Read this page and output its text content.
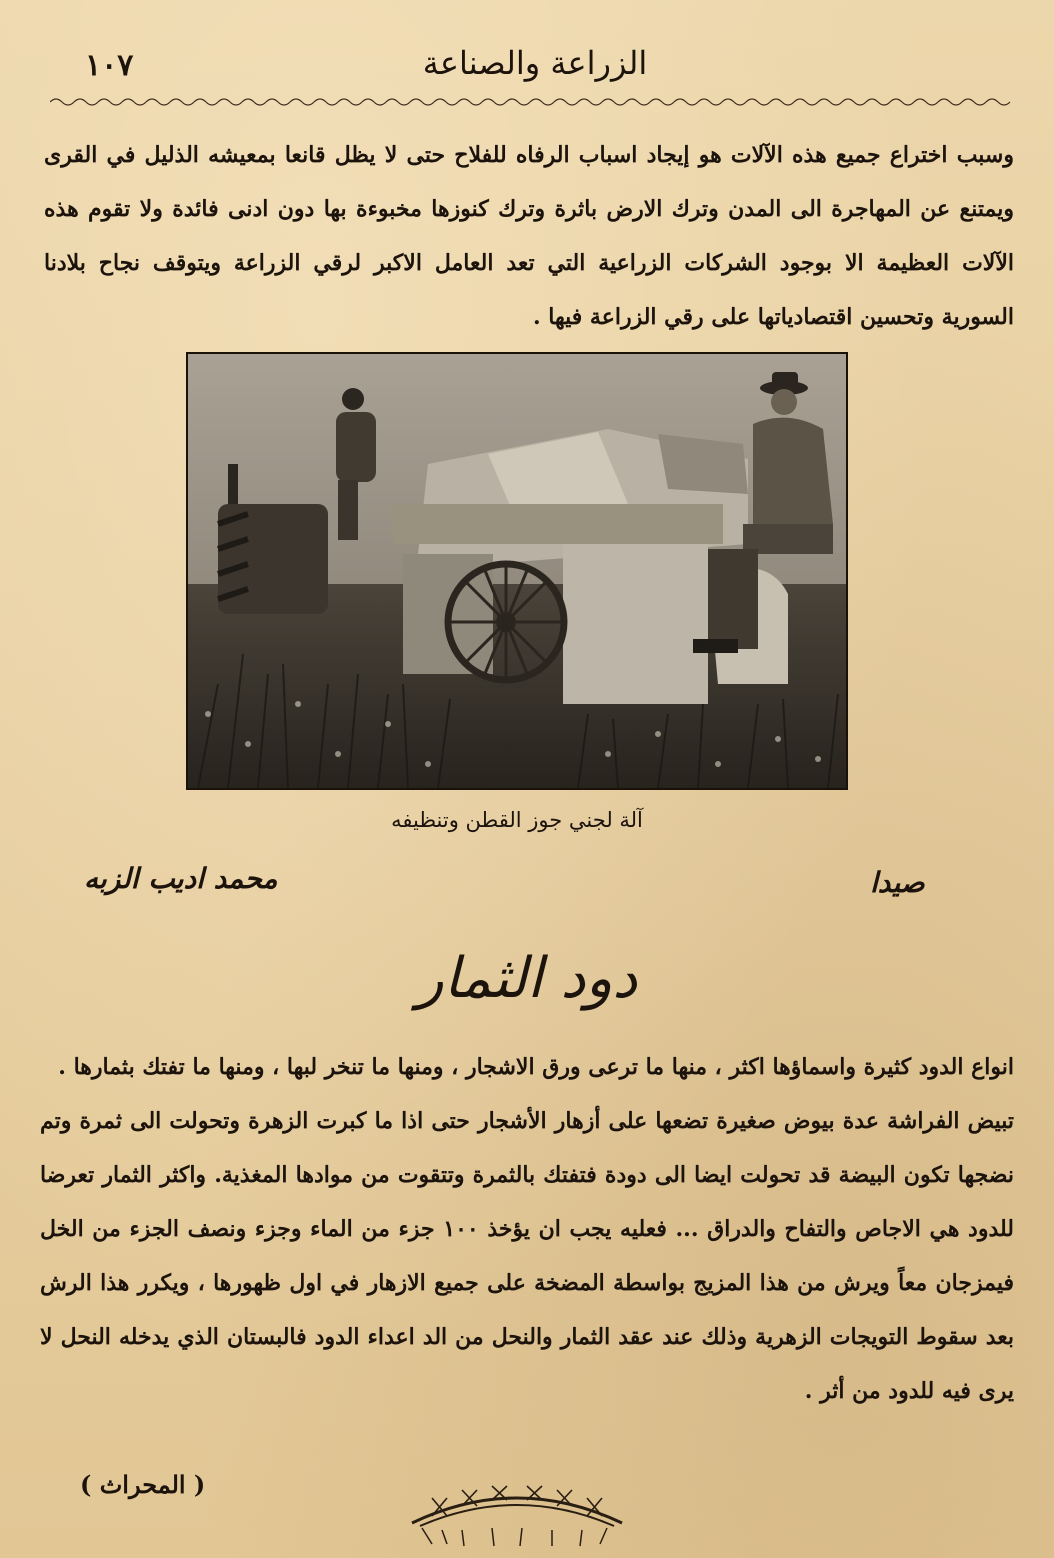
١٠٧	الزراعة والصناعة
وسبب اختراع جميع هذه الآلات هو إيجاد اسباب الرفاه للفلاح حتى لا يظل قانعا بمعيشه الذليل في القرى ويمتنع عن المهاجرة الى المدن وترك الارض باثرة وترك كنوزها مخبوءة بها دون ادنى فائدة ولا تقوم هذه الآلات العظيمة الا بوجود الشركات الزراعية التي تعد العامل الاكبر لرقي الزراعة ويتوقف نجاح بلادنا السورية وتحسين اقتصادياتها على رقي الزراعة فيها .
آلة لجني جوز القطن وتنظيفه
محمد اديب الزبه	صيدا
دود الثمار

انواع الدود كثيرة واسماؤها اكثر ، منها ما ترعى ورق الاشجار ، ومنها ما تنخر لبها ، ومنها ما تفتك بثمارها .

تبيض الفراشة عدة بيوض صغيرة تضعها على أزهار الأشجار حتى اذا ما كبرت الزهرة وتحولت الى ثمرة وتم نضجها تكون البيضة قد تحولت ايضا الى دودة فتفتك بالثمرة وتتقوت من موادها المغذية. واكثر الثمار تعرضا للدود هي الاجاص والتفاح والدراق ... فعليه يجب ان يؤخذ ١٠٠ جزء من الماء وجزء ونصف الجزء من الخل فيمزجان معاً ويرش من هذا المزيج بواسطة المضخة على جميع الازهار في اول ظهورها ، ويكرر هذا الرش بعد سقوط التويجات الزهرية وذلك عند عقد الثمار والنحل من الد اعداء الدود فالبستان الذي يدخله النحل لا يرى فيه للدود من أثر .

( المحراث )
